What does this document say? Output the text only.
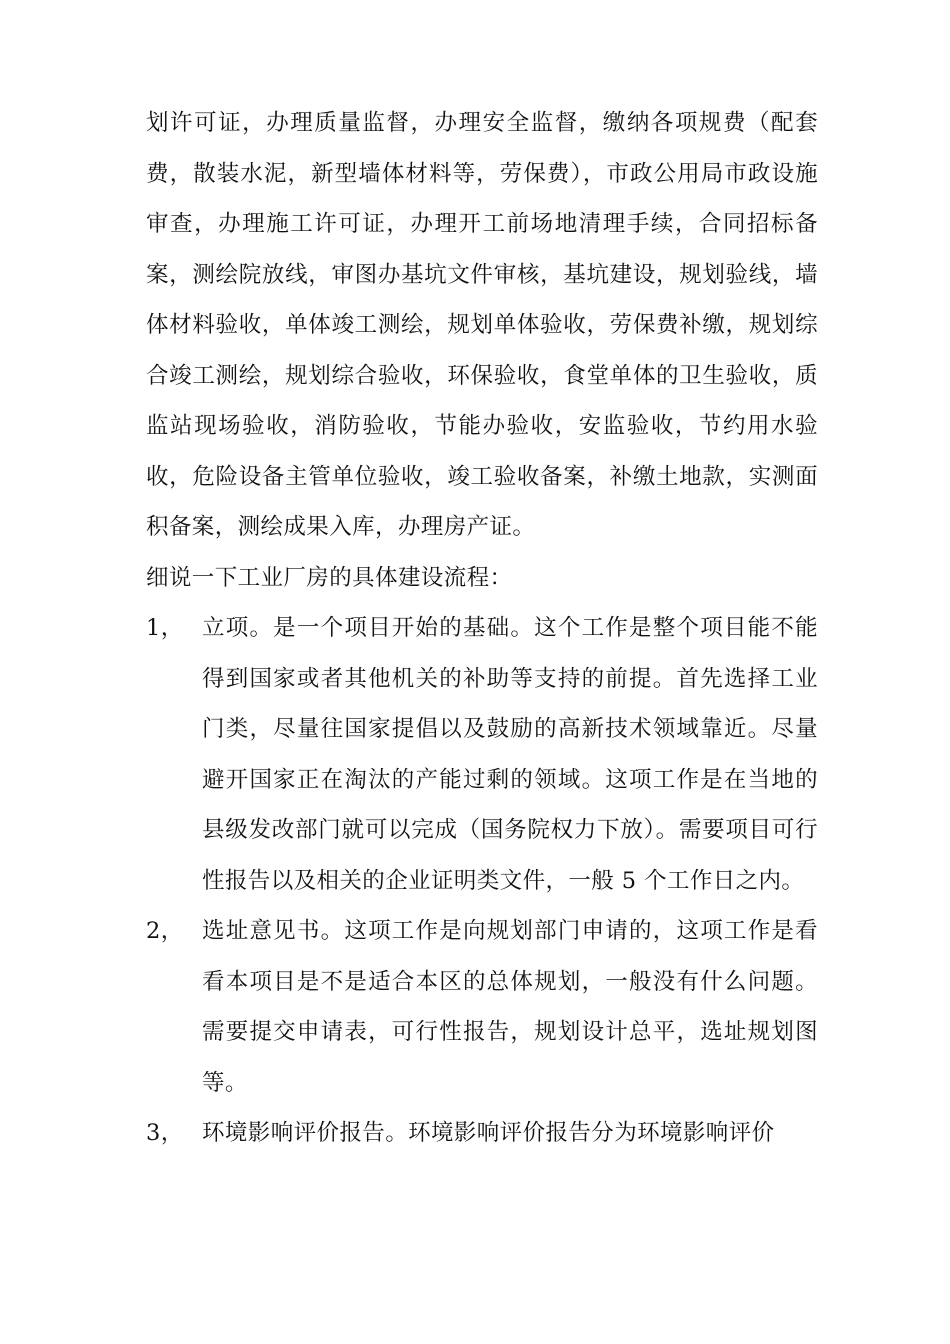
划许可证，办理质量监督，办理安全监督，缴纳各项规费（配套费，散装水泥，新型墙体材料等，劳保费），市政公用局市政设施审查，办理施工许可证，办理开工前场地清理手续，合同招标备案，测绘院放线，审图办基坑文件审核，基坑建设，规划验线，墙体材料验收，单体竣工测绘，规划单体验收，劳保费补缴，规划综合竣工测绘，规划综合验收，环保验收，食堂单体的卫生验收，质监站现场验收，消防验收，节能办验收，安监验收，节约用水验收，危险设备主管单位验收，竣工验收备案，补缴土地款，实测面积备案，测绘成果入库，办理房产证。

细说一下工业厂房的具体建设流程：

1， 立项。是一个项目开始的基础。这个工作是整个项目能不能得到国家或者其他机关的补助等支持的前提。首先选择工业门类，尽量往国家提倡以及鼓励的高新技术领域靠近。尽量避开国家正在淘汰的产能过剩的领域。这项工作是在当地的县级发改部门就可以完成（国务院权力下放）。需要项目可行性报告以及相关的企业证明类文件，一般 5 个工作日之内。
2， 选址意见书。这项工作是向规划部门申请的，这项工作是看看本项目是不是适合本区的总体规划，一般没有什么问题。需要提交申请表，可行性报告，规划设计总平，选址规划图等。
3， 环境影响评价报告。环境影响评价报告分为环境影响评价
